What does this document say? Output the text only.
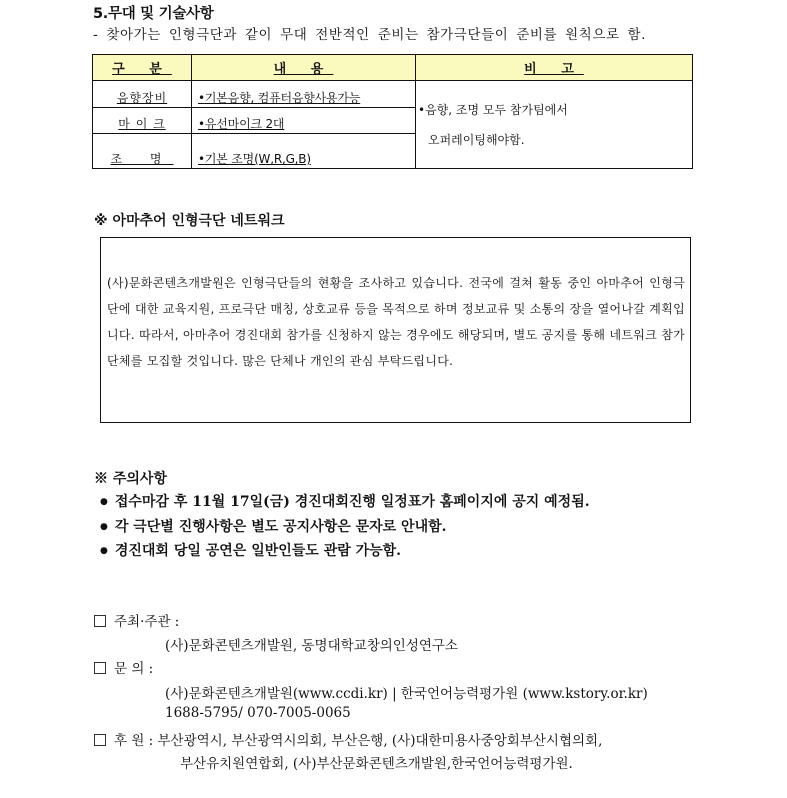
5.무대 및 기술사항
- 찾아가는 인형극단과 같이 무대 전반적인 준비는 참가극단들이 준비를 원칙으로 함.
구 분	내 용	비 고
음향장비	• 기본음향, 컴퓨터음향사용가능	• 음향, 조명 모두 참가팀에서
오퍼레이팅해야함.

마 이 크	• 유선마이크 2대
조 명	• 기본 조명(W,R,G,B)
※ 아마추어 인형극단 네트워크
(사)문화콘텐츠개발원은 인형극단들의 현황을 조사하고 있습니다. 전국에 걸쳐 활동 중인 아마추어 인형극단에 대한 교육지원, 프로극단 매칭, 상호교류 등을 목적으로 하며 정보교류 및 소통의 장을 열어나갈 계획입니다. 따라서, 아마추어 경진대회 참가를 신청하지 않는 경우에도 해당되며, 별도 공지를 통해 네트워크 참가단체를 모집할 것입니다. 많은 단체나 개인의 관심 부탁드립니다.
※ 주의사항
● 접수마감 후 11월 17일(금) 경진대회진행 일정표가 홈페이지에 공지 예정됨.
● 각 극단별 진행사항은 별도 공지사항은 문자로 안내함.
● 경진대회 당일 공연은 일반인들도 관람 가능함.
주최·주관 :
(사)문화콘텐츠개발원, 동명대학교창의인성연구소
문 의 :
(사)문화콘텐츠개발원(www.ccdi.kr) | 한국언어능력평가원 (www.kstory.or.kr)
1688-5795/ 070-7005-0065
후 원 : 부산광역시, 부산광역시의회, 부산은행, (사)대한미용사중앙회부산시협의회,
부산유치원연합회, (사)부산문화콘텐츠개발원,한국언어능력평가원.
